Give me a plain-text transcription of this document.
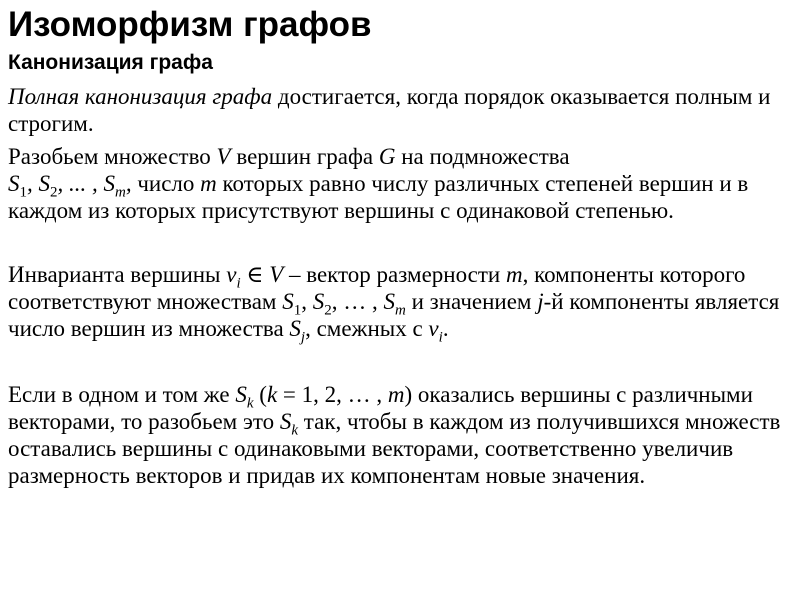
Изоморфизм графов
Канонизация графа

Полная канонизация графа достигается, когда порядок оказывается полным и строгим.

Разобьем множество V вершин графа G на подмножества
$S_1$, $S_2$, ... , $S_m$, число m которых равно числу различных степеней вершин и в каждом из которых присутствуют вершины с одинаковой степенью.

Инварианта вершины $v_i$ ∈ V – вектор размерности m, компоненты которого соответствуют множествам $S_1$, $S_2$, … , $S_m$ и значением j-й компоненты является число вершин из множества $S_j$, смежных с $v_i$.

Если в одном и том же $S_k$ (k = 1, 2, … , m) оказались вершины с различными векторами, то разобьем это $S_k$ так, чтобы в каждом из получившихся множеств оставались вершины с одинаковыми векторами, соответственно увеличив размерность векторов и придав их компонентам новые значения.
